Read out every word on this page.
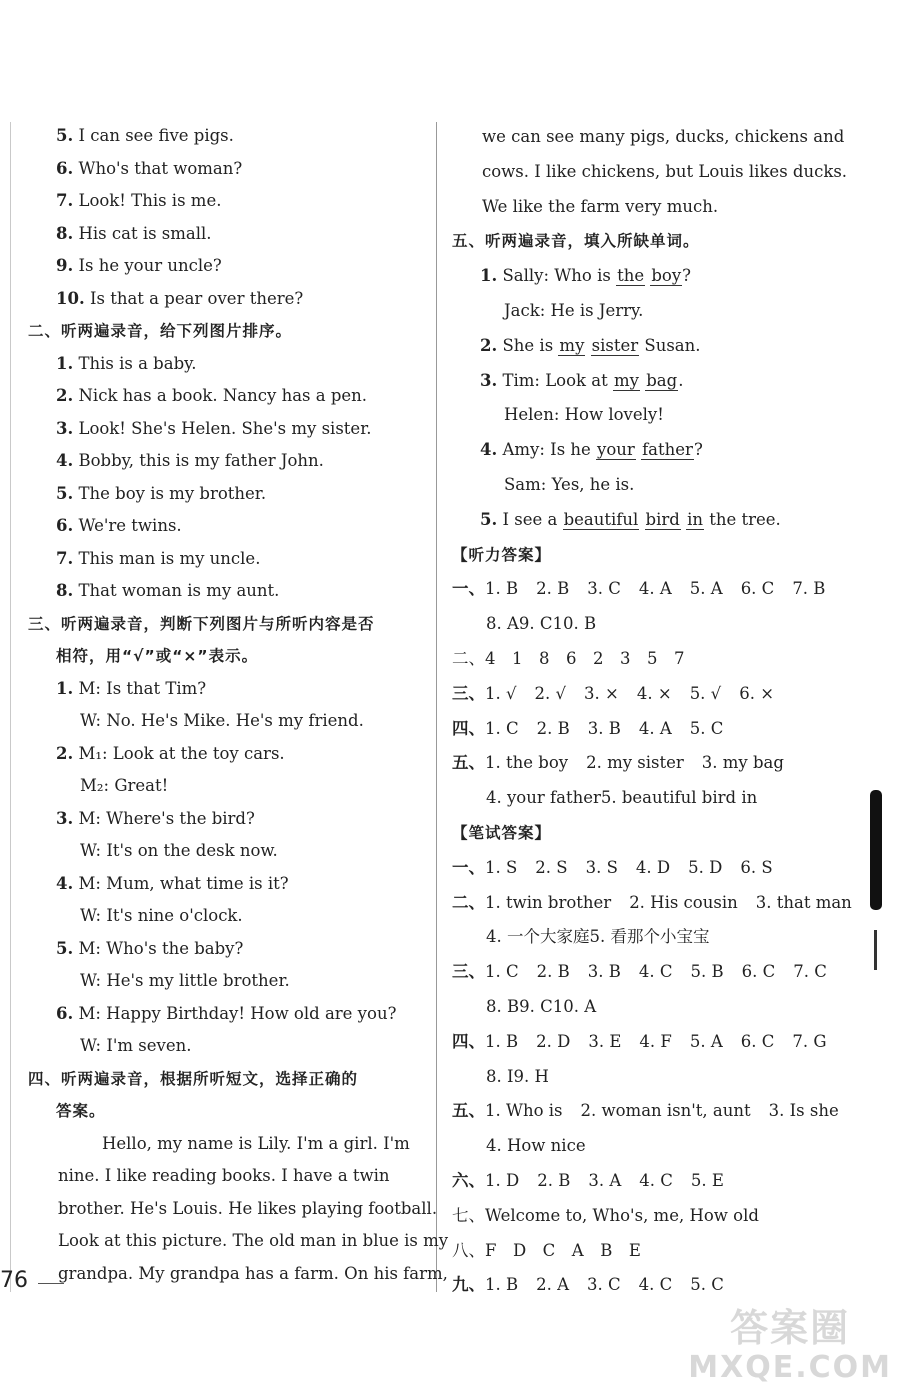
5. I can see five pigs.
6. Who's that woman?
7. Look! This is me.
8. His cat is small.
9. Is he your uncle?
10. Is that a pear over there?
二、听两遍录音，给下列图片排序。
1. This is a baby.
2. Nick has a book. Nancy has a pen.
3. Look! She's Helen. She's my sister.
4. Bobby, this is my father John.
5. The boy is my brother.
6. We're twins.
7. This man is my uncle.
8. That woman is my aunt.
三、听两遍录音，判断下列图片与所听内容是否
相符，用“√”或“×”表示。
1. M: Is that Tim?
W: No. He's Mike. He's my friend.
2. M₁: Look at the toy cars.
M₂: Great!
3. M: Where's the bird?
W: It's on the desk now.
4. M: Mum, what time is it?
W: It's nine o'clock.
5. M: Who's the baby?
W: He's my little brother.
6. M: Happy Birthday! How old are you?
W: I'm seven.
四、听两遍录音，根据所听短文，选择正确的
答案。
Hello, my name is Lily. I'm a girl. I'm
nine. I like reading books. I have a twin
brother. He's Louis. He likes playing football.
Look at this picture. The old man in blue is my
grandpa. My grandpa has a farm. On his farm,
we can see many pigs, ducks, chickens and
cows. I like chickens, but Louis likes ducks.
We like the farm very much.
五、听两遍录音，填入所缺单词。
1. Sally: Who is the boy?
Jack: He is Jerry.
2. She is my sister Susan.
3. Tim: Look at my bag.
Helen: How lovely!
4. Amy: Is he your father?
Sam: Yes, he is.
5. I see a beautiful bird in the tree.
【听力答案】
一、1. B 2. B 3. C 4. A 5. A 6. C 7. B
8. A9. C10. B
二、4　1　8　6　2　3　5　7
三、1. √ 2. √ 3. × 4. × 5. √ 6. ×
四、1. C 2. B 3. B 4. A 5. C
五、1. the boy 2. my sister 3. my bag
4. your father5. beautiful bird in
【笔试答案】
一、1. S 2. S 3. S 4. D 5. D 6. S
二、1. twin brother 2. His cousin 3. that man
4. 一个大家庭5. 看那个小宝宝
三、1. C 2. B 3. B 4. C 5. B 6. C 7. C
8. B9. C10. A
四、1. B 2. D 3. E 4. F 5. A 6. C 7. G
8. I9. H
五、1. Who is 2. woman isn't, aunt 3. Is she
4. How nice
六、1. D 2. B 3. A 4. C 5. E
七、Welcome to, Who's, me, How old
八、F　D　C　A　B　E
九、1. B 2. A 3. C 4. C 5. C
76
答案圈
MXQE.COM
